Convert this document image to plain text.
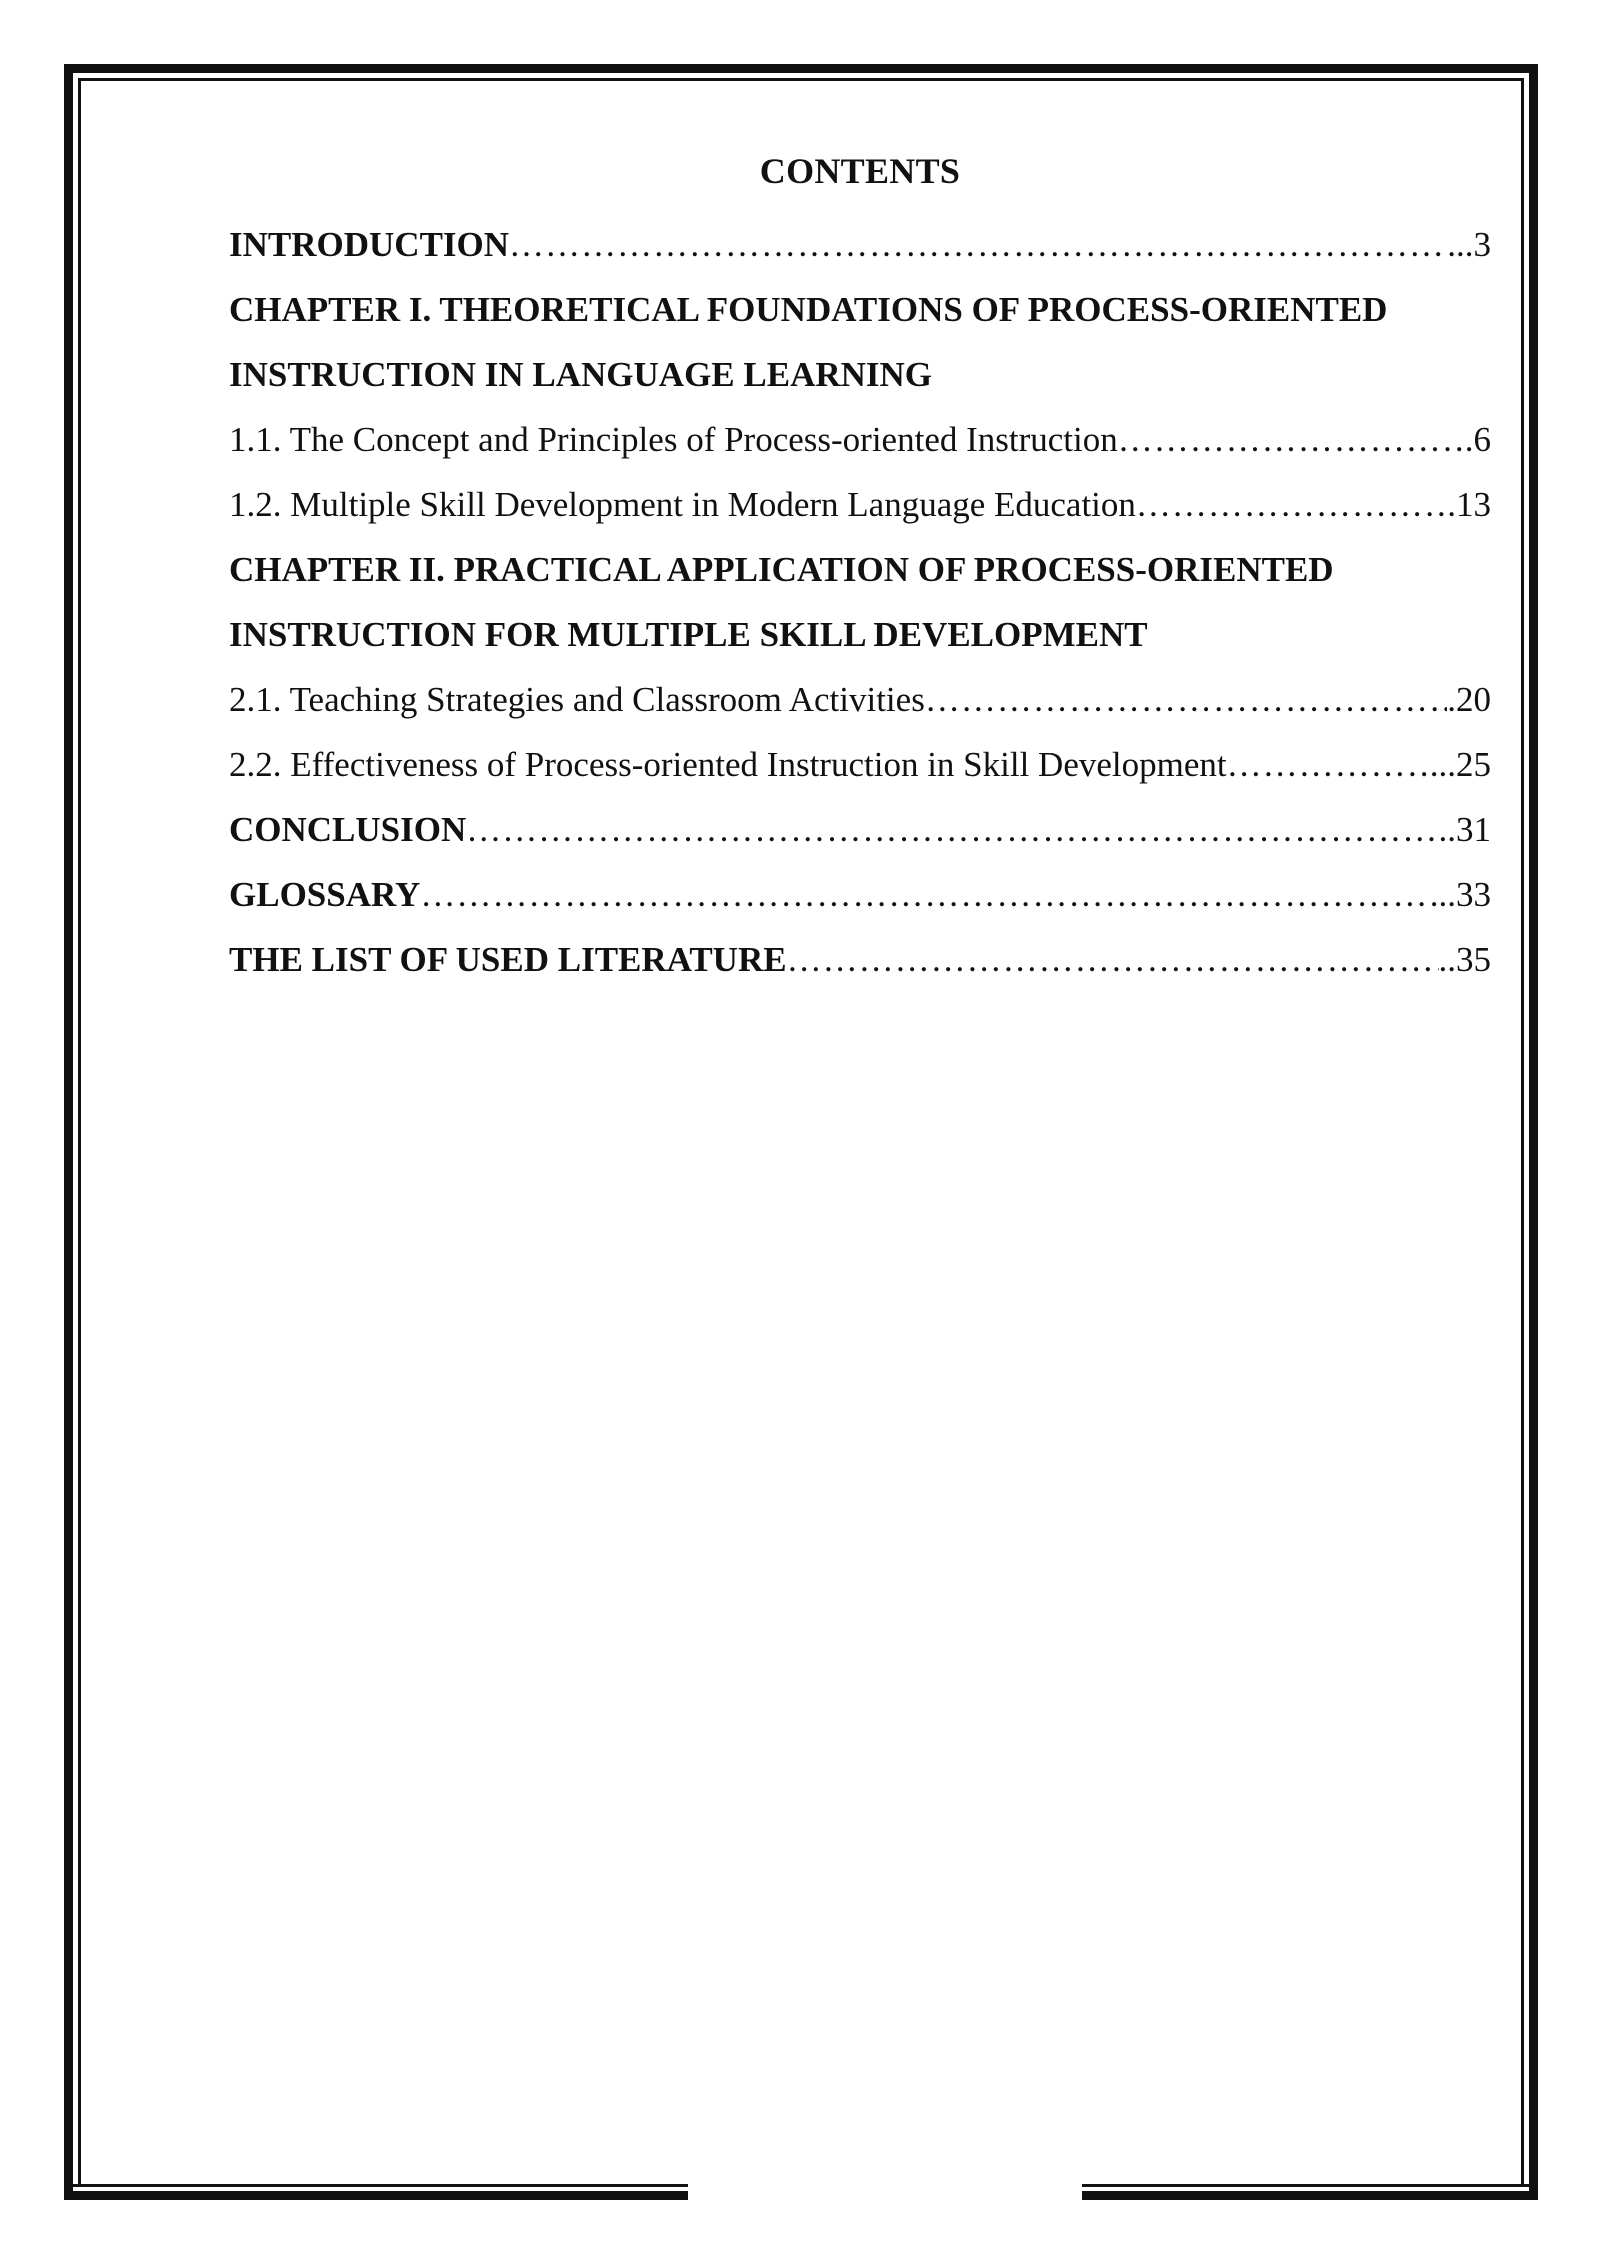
CONTENTS
INTRODUCTION …………………………………………………………………………………………………………………………………………………………	...3
CHAPTER I. THEORETICAL FOUNDATIONS OF PROCESS-ORIENTED
INSTRUCTION IN LANGUAGE LEARNING
1.1. The Concept and Principles of Process-oriented Instruction …………………………………………………………………………………………………………………………………………………………	.6
1.2. Multiple Skill Development in Modern Language Education …………………………………………………………………………………………………………………………………………………………	.13
CHAPTER II. PRACTICAL APPLICATION OF PROCESS-ORIENTED
INSTRUCTION FOR MULTIPLE SKILL DEVELOPMENT
2.1. Teaching Strategies and Classroom Activities …………………………………………………………………………………………………………………………………………………………	.20
2.2. Effectiveness of Process-oriented Instruction in Skill Development …………………………………………………………………………………………………………………………………………………………	...25
CONCLUSION …………………………………………………………………………………………………………………………………………………………	..31
GLOSSARY …………………………………………………………………………………………………………………………………………………………	...33
THE LIST OF USED LITERATURE …………………………………………………………………………………………………………………………………………………………	..35
